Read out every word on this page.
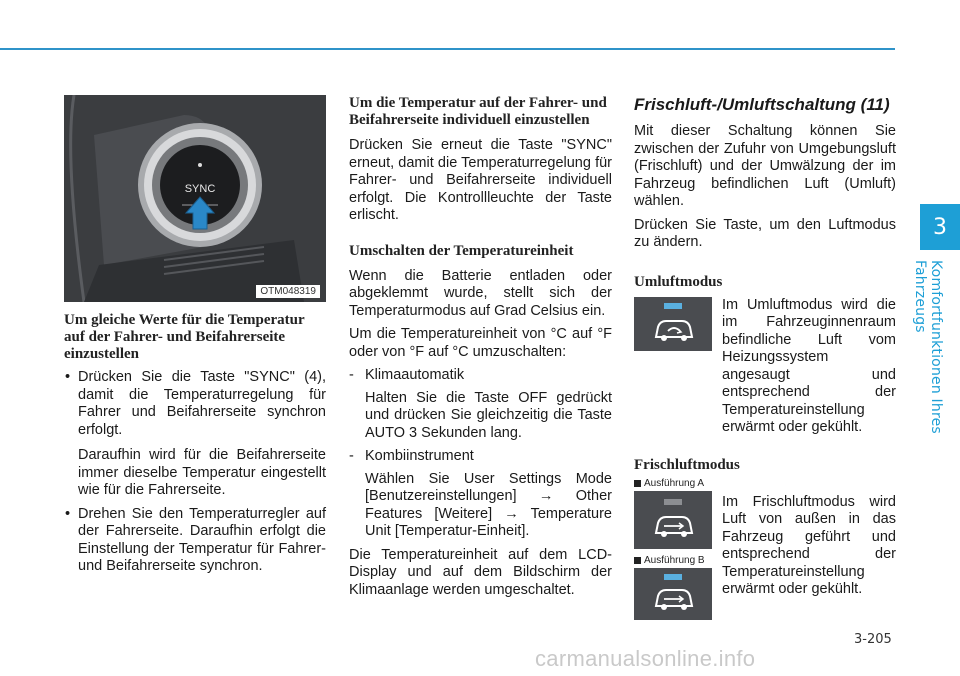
3
Komfortfunktionen Ihres Fahrzeugs
SYNC
OTM048319
Um gleiche Werte für die Temperatur auf der Fahrer- und Beifahrerseite einzustellen
• Drücken Sie die Taste "SYNC" (4), damit die Temperaturregelung für Fahrer und Beifahrerseite synchron erfolgt.
Daraufhin wird für die Beifahrerseite immer dieselbe Temperatur eingestellt wie für die Fahrerseite.
• Drehen Sie den Temperaturregler auf der Fahrerseite. Daraufhin erfolgt die Einstellung der Temperatur für Fahrer- und Beifahrerseite synchron.
Um die Temperatur auf der Fahrer- und Beifahrerseite individuell einzustellen

Drücken Sie erneut die Taste "SYNC" erneut, damit die Temperaturregelung für Fahrer- und Beifahrerseite individuell erfolgt. Die Kontrollleuchte der Taste erlischt.

Umschalten der Temperatureinheit

Wenn die Batterie entladen oder abgeklemmt wurde, stellt sich der Temperaturmodus auf Grad Celsius ein.

Um die Temperatureinheit von °C auf °F oder von °F auf °C umzuschalten:

- Klimaautomatik

Halten Sie die Taste OFF gedrückt und drücken Sie gleichzeitig die Taste AUTO 3 Sekunden lang.

- Kombiinstrument

Wählen Sie User Settings Mode [Benutzereinstellungen] → Other Features [Weitere] → Temperature Unit [Temperatur-Einheit].

Die Temperatureinheit auf dem LCD-Display und auf dem Bildschirm der Klimaanlage werden umgeschaltet.

Frischluft-/Umluftschaltung (11)

Mit dieser Schaltung können Sie zwischen der Zufuhr von Umgebungsluft (Frischluft) und der Umwälzung der im Fahrzeug befindlichen Luft (Umluft) wählen.

Drücken Sie Taste, um den Luftmodus zu ändern.

Umluftmodus

Im Umluftmodus wird die im Fahrzeuginnenraum befindliche Luft vom Heizungssystem angesaugt und entsprechend der Temperatureinstellung erwärmt oder gekühlt.

Frischluftmodus
Ausführung A
Ausführung B

Im Frischluftmodus wird Luft von außen in das Fahrzeug geführt und entsprechend der Temperatureinstellung erwärmt oder gekühlt.

3-205
carmanualsonline.info
